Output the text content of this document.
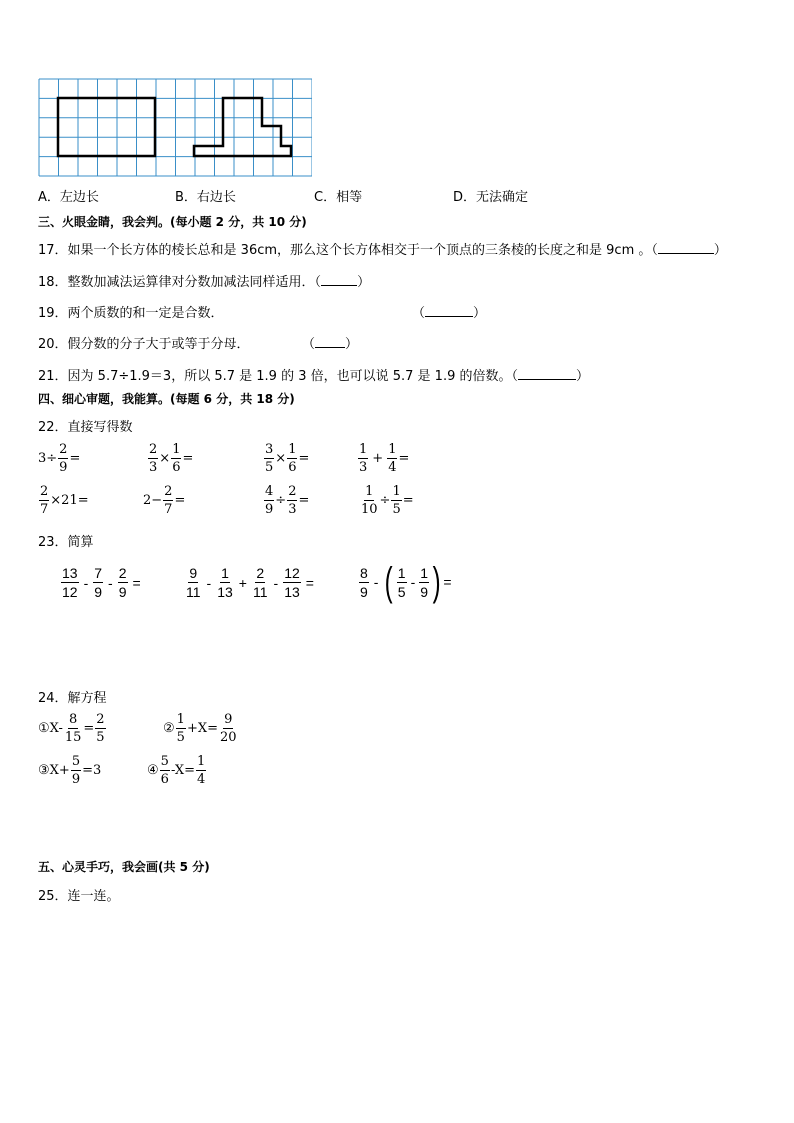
A．左边长	B．右边长	C．相等	D．无法确定
三、火眼金睛，我会判。(每小题 2 分，共 10 分)
17．如果一个长方体的棱长总和是 36cm，那么这个长方体相交于一个顶点的三条棱的长度之和是 9cm 。（	）
18．整数加减法运算律对分数加减法同样适用．（	）
19．两个质数的和一定是合数．	（	）
20．假分数的分子大于或等于分母．	（ ）
21．因为 5.7÷1.9＝3，所以 5.7 是 1.9 的 3 倍，也可以说 5.7 是 1.9 的倍数。（	）
四、细心审题，我能算。(每题 6 分，共 18 分)
22．直接写得数
$3\div \frac{2}{9}$ =	$\frac{2}{3} \times \frac{1}{6}$ =	$\frac{3}{5} \times \frac{1}{6}$ =	$\frac{1}{3} + \frac{1}{4}$ =
$\frac{2}{7} \times 21=$	$2- \frac{2}{7}$ =	$\frac{4}{9} \div \frac{2}{3}$ =	$\frac{1}{10} \div \frac{1}{5}$ =
23．简算
$\frac{13}{12} - \frac{7}{9} - \frac{2}{9}$ =	$\frac{9}{11} - \frac{1}{13} + \frac{2}{11} - \frac{12}{13}$ =	$\frac{8}{9}$ - ( $\frac{1}{5} - \frac{1}{9}$ ) =
24．解方程
①X- $\frac{8}{15} = \frac{2}{5}$	② $\frac{1}{5} +X= \frac{9}{20}$
③X+ $\frac{5}{9} =3$	④ $\frac{5}{6} -X= \frac{1}{4}$
五、心灵手巧，我会画(共 5 分)
25．连一连。
